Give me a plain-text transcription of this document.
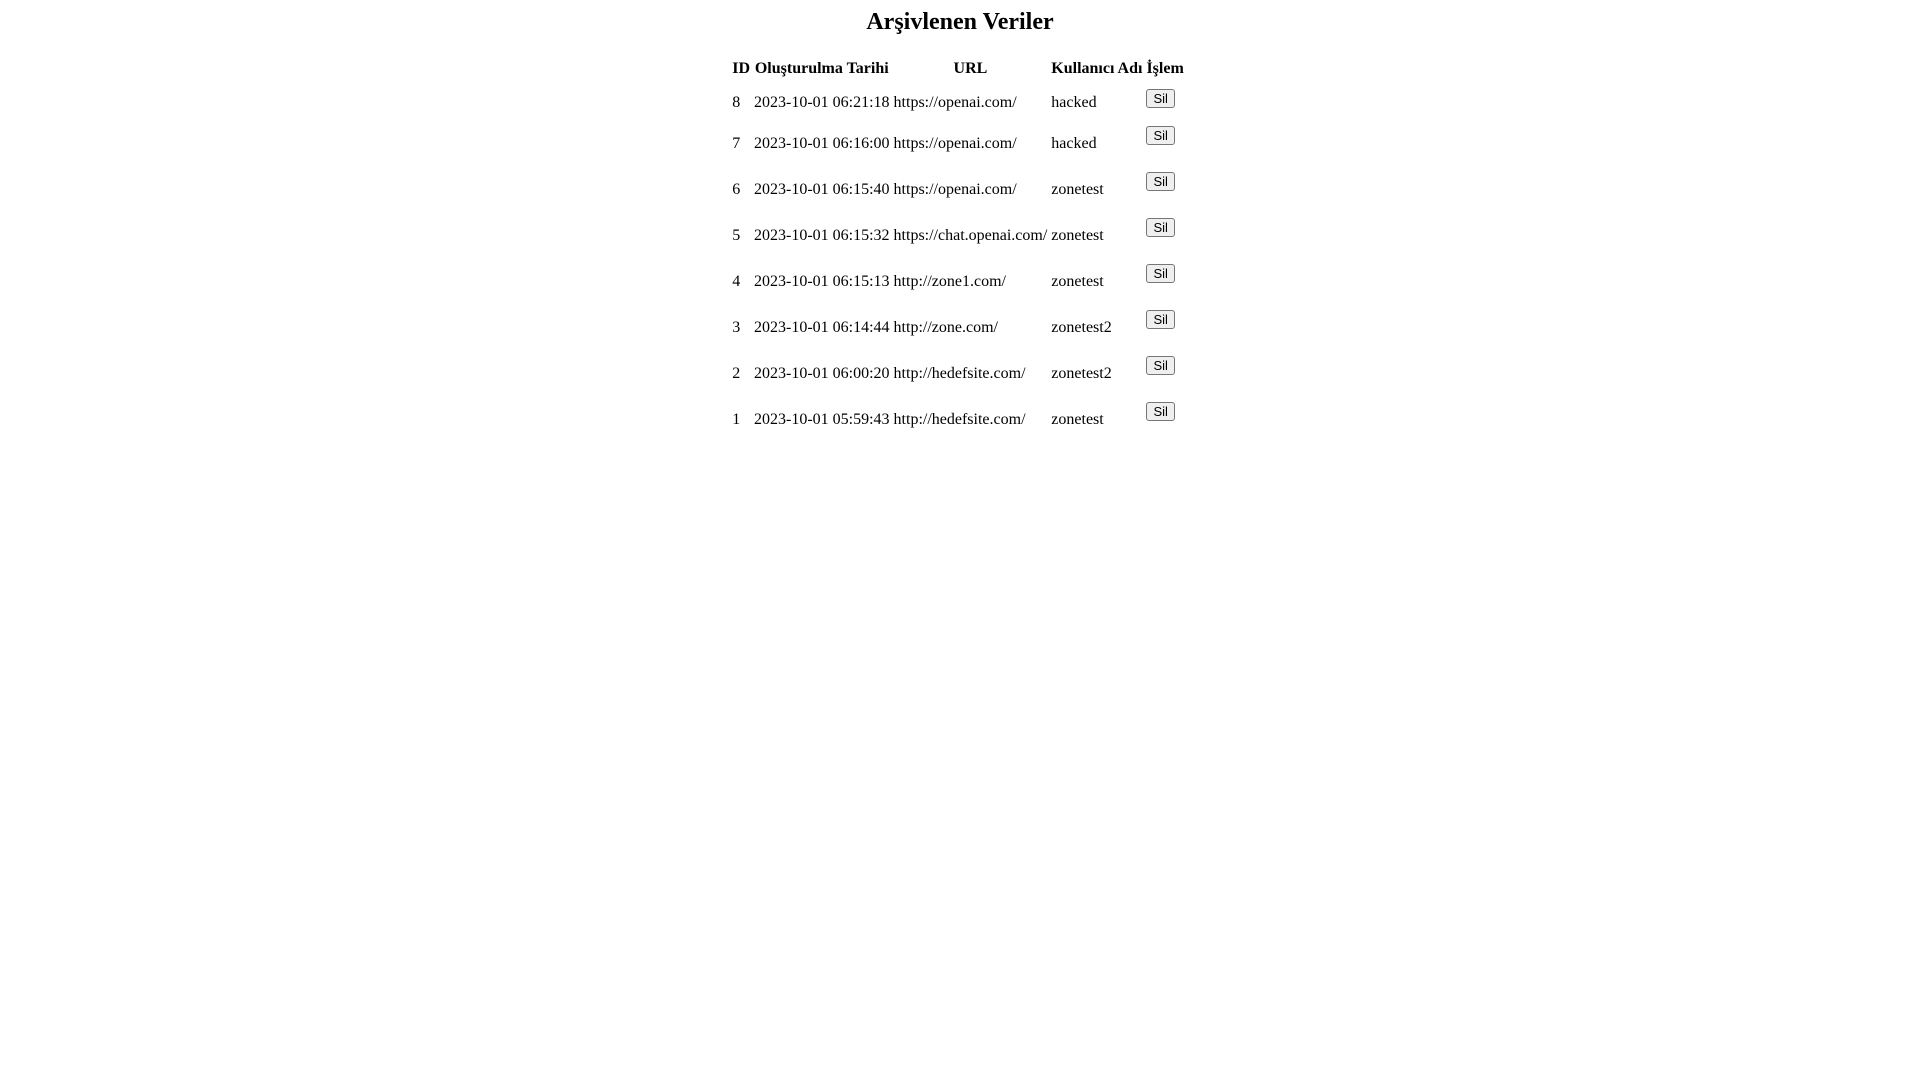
Arşivlenen Veriler
ID	Oluşturulma Tarihi	URL	Kullanıcı Adı	İşlem
8	2023-10-01 06:21:18	https://openai.com/	hacked	Sil
7	2023-10-01 06:16:00	https://openai.com/	hacked	Sil
6	2023-10-01 06:15:40	https://openai.com/	zonetest	Sil
5	2023-10-01 06:15:32	https://chat.openai.com/	zonetest	Sil
4	2023-10-01 06:15:13	http://zone1.com/	zonetest	Sil
3	2023-10-01 06:14:44	http://zone.com/	zonetest2	Sil
2	2023-10-01 06:00:20	http://hedefsite.com/	zonetest2	Sil
1	2023-10-01 05:59:43	http://hedefsite.com/	zonetest	Sil
